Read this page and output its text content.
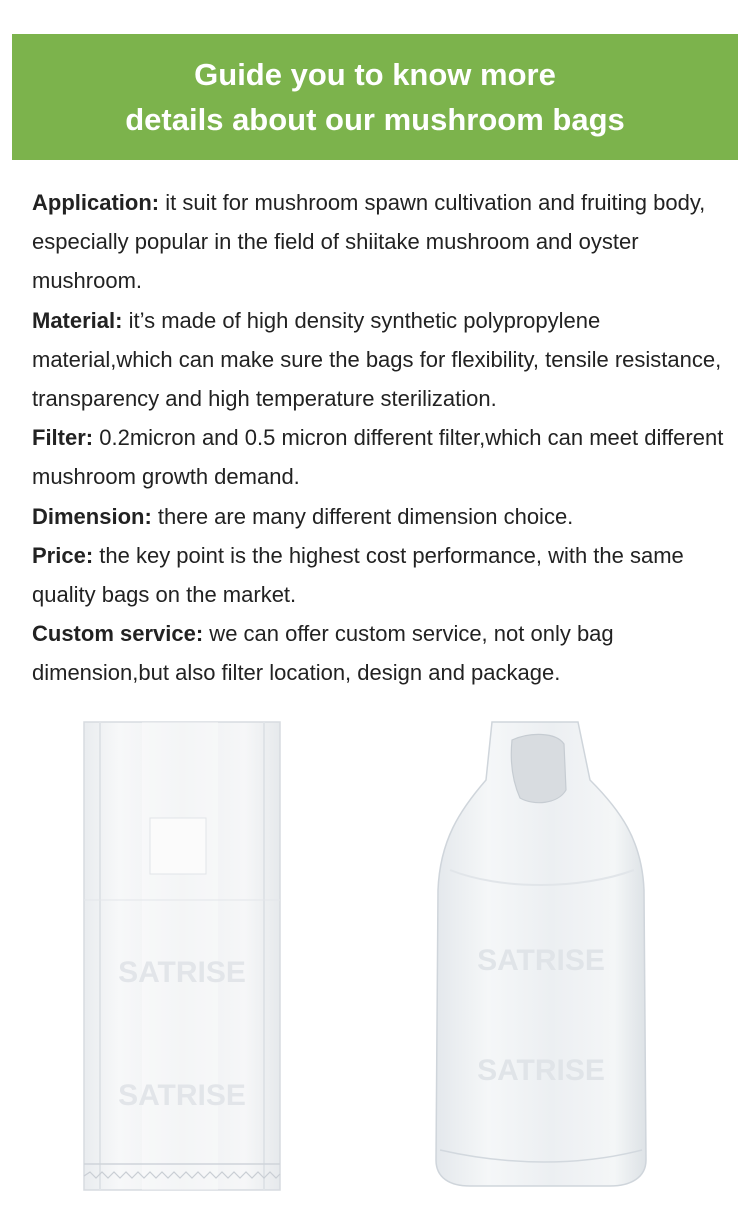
Guide you to know more
details about our mushroom bags

Application: it suit for mushroom spawn cultivation and fruiting body, especially popular in the field of shiitake mushroom and oyster mushroom.

Material: it’s made of high density synthetic polypropylene material,which can make sure the bags for flexibility, tensile resistance, transparency and high temperature sterilization.

Filter: 0.2micron and 0.5 micron different filter,which can meet different mushroom growth demand.

Dimension: there are many different dimension choice.

Price: the key point is the highest cost performance, with the same quality bags on the market.

Custom service: we can offer custom service, not only bag dimension,but also filter location, design and package.

SATRISE
SATRISE
SATRISE
SATRISE
